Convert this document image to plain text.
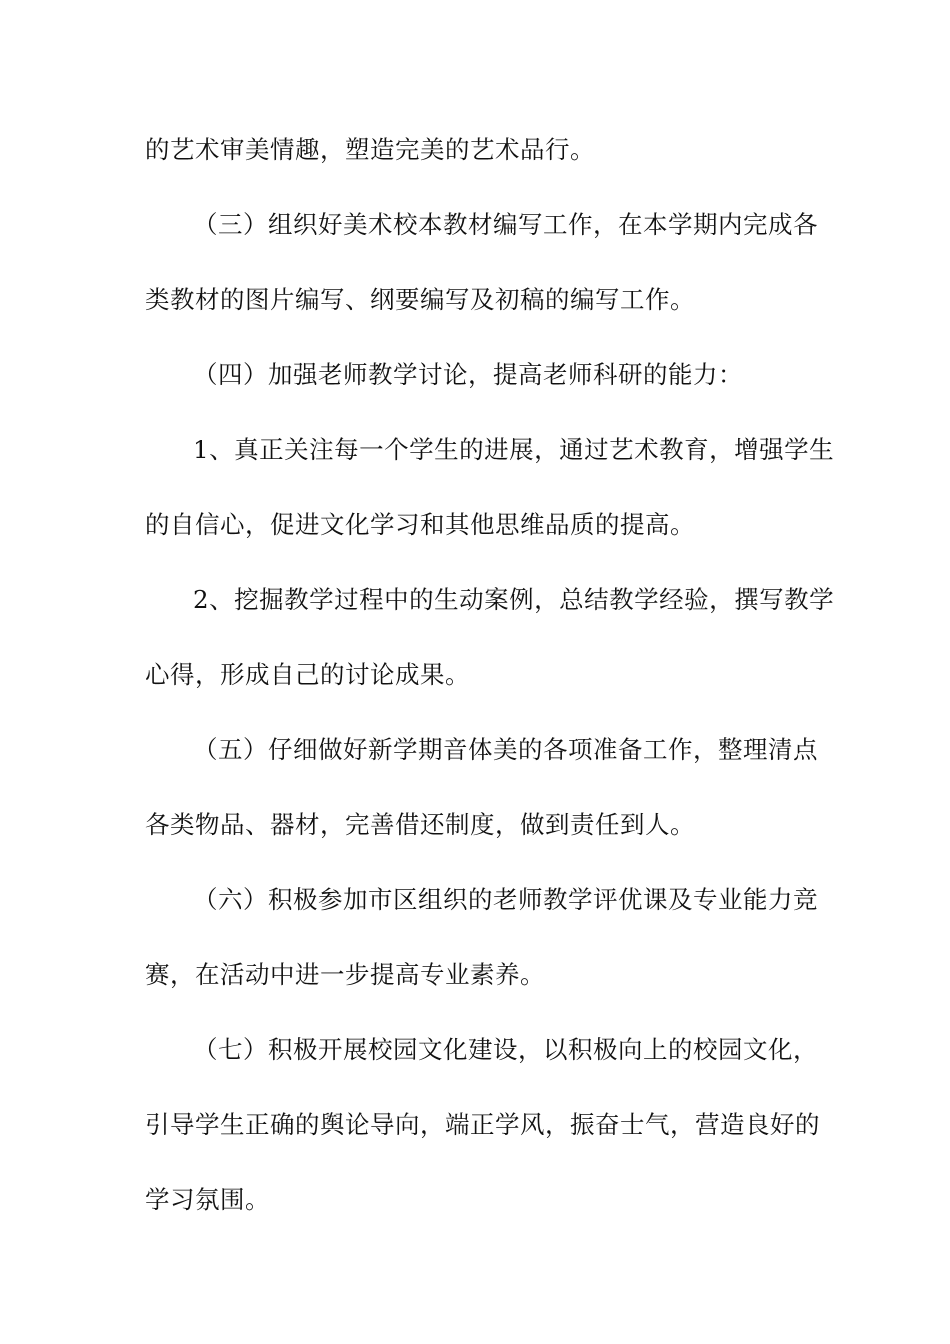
的艺术审美情趣，塑造完美的艺术品行。
（三）组织好美术校本教材编写工作，在本学期内完成各
类教材的图片编写、纲要编写及初稿的编写工作。
（四）加强老师教学讨论，提高老师科研的能力：
1、真正关注每一个学生的进展，通过艺术教育，增强学生
的自信心，促进文化学习和其他思维品质的提高。
2、挖掘教学过程中的生动案例，总结教学经验，撰写教学
心得，形成自己的讨论成果。
（五）仔细做好新学期音体美的各项准备工作，整理清点
各类物品、器材，完善借还制度，做到责任到人。
（六）积极参加市区组织的老师教学评优课及专业能力竞
赛，在活动中进一步提高专业素养。
（七）积极开展校园文化建设，以积极向上的校园文化，
引导学生正确的舆论导向，端正学风，振奋士气，营造良好的
学习氛围。
